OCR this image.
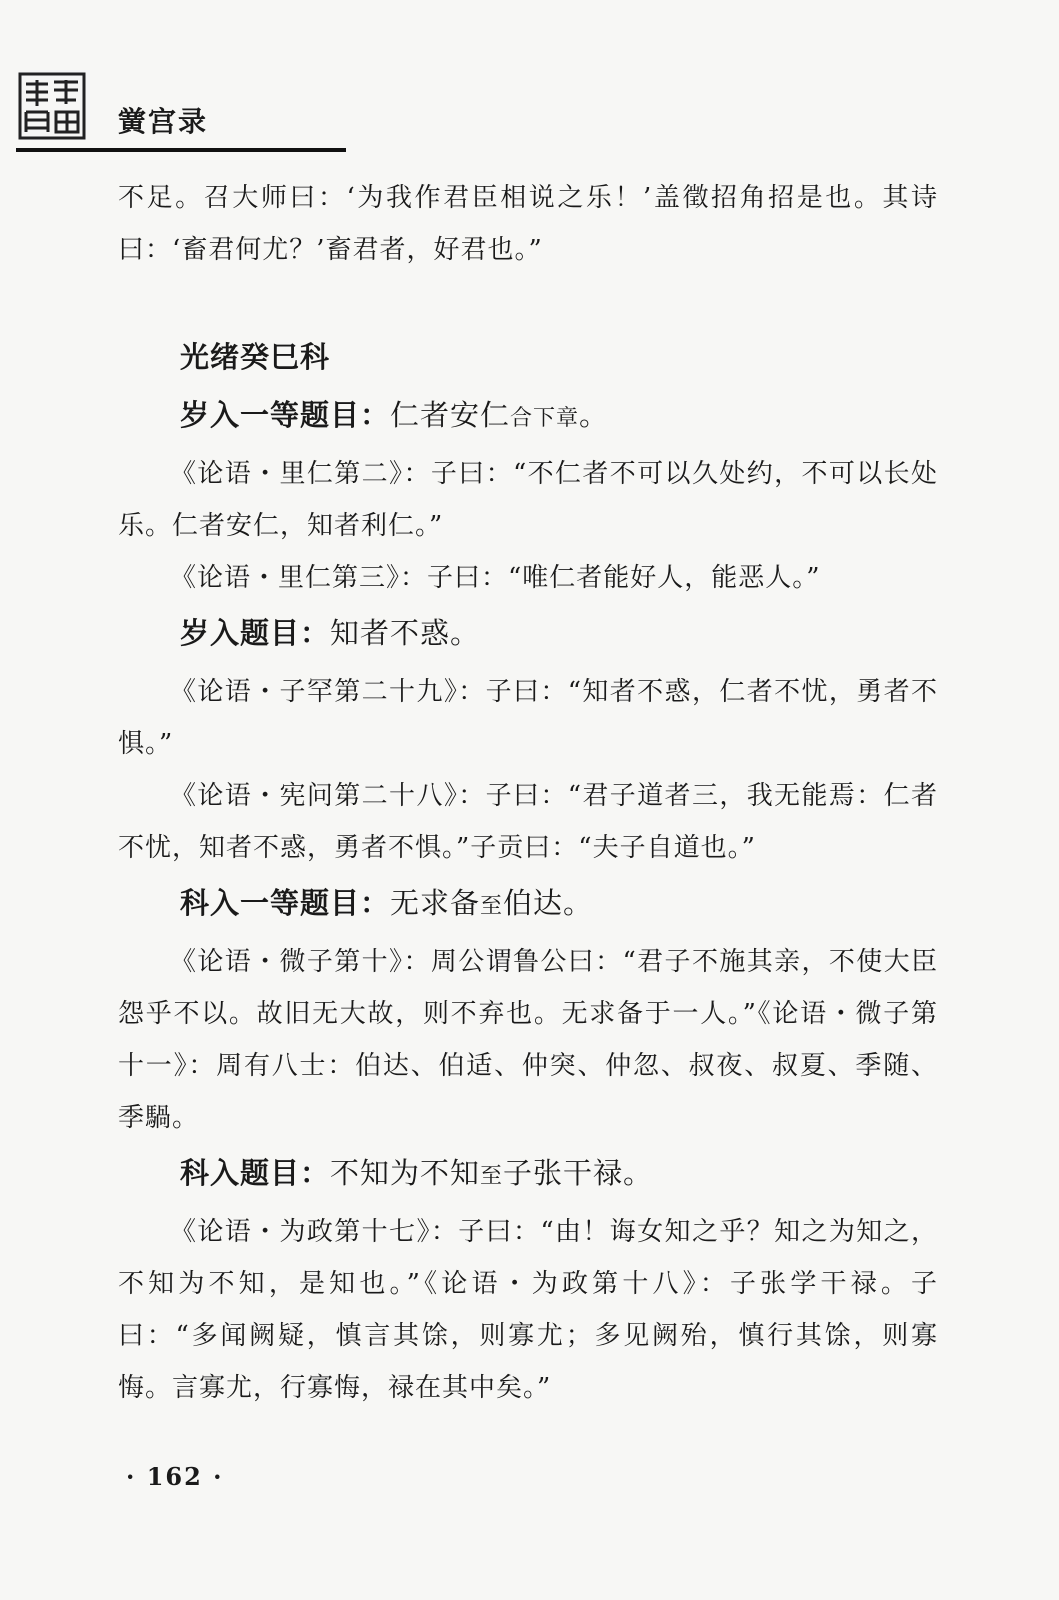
黉宫录

不足。召大师曰：‘为我作君臣相说之乐！’盖徵招角招是也。其诗曰：‘畜君何尤？’畜君者，好君也。”

光绪癸巳科

岁入一等题目：仁者安仁合下章。

《论语・里仁第二》：子曰：“不仁者不可以久处约，不可以长处乐。仁者安仁，知者利仁。”

《论语・里仁第三》：子曰：“唯仁者能好人，能恶人。”

岁入题目：知者不惑。

《论语・子罕第二十九》：子曰：“知者不惑，仁者不忧，勇者不惧。”

《论语・宪问第二十八》：子曰：“君子道者三，我无能焉：仁者不忧，知者不惑，勇者不惧。”子贡曰：“夫子自道也。”

科入一等题目：无求备至伯达。

《论语・微子第十》：周公谓鲁公曰：“君子不施其亲，不使大臣怨乎不以。故旧无大故，则不弃也。无求备于一人。”《论语・微子第十一》：周有八士：伯达、伯适、仲突、仲忽、叔夜、叔夏、季随、季騧。

科入题目：不知为不知至子张干禄。

《论语・为政第十七》：子曰：“由！诲女知之乎？知之为知之，不知为不知，是知也。”《论语・为政第十八》：子张学干禄。子曰：“多闻阙疑，慎言其馀，则寡尤；多见阙殆，慎行其馀，则寡悔。言寡尤，行寡悔，禄在其中矣。”

· 162 ·
